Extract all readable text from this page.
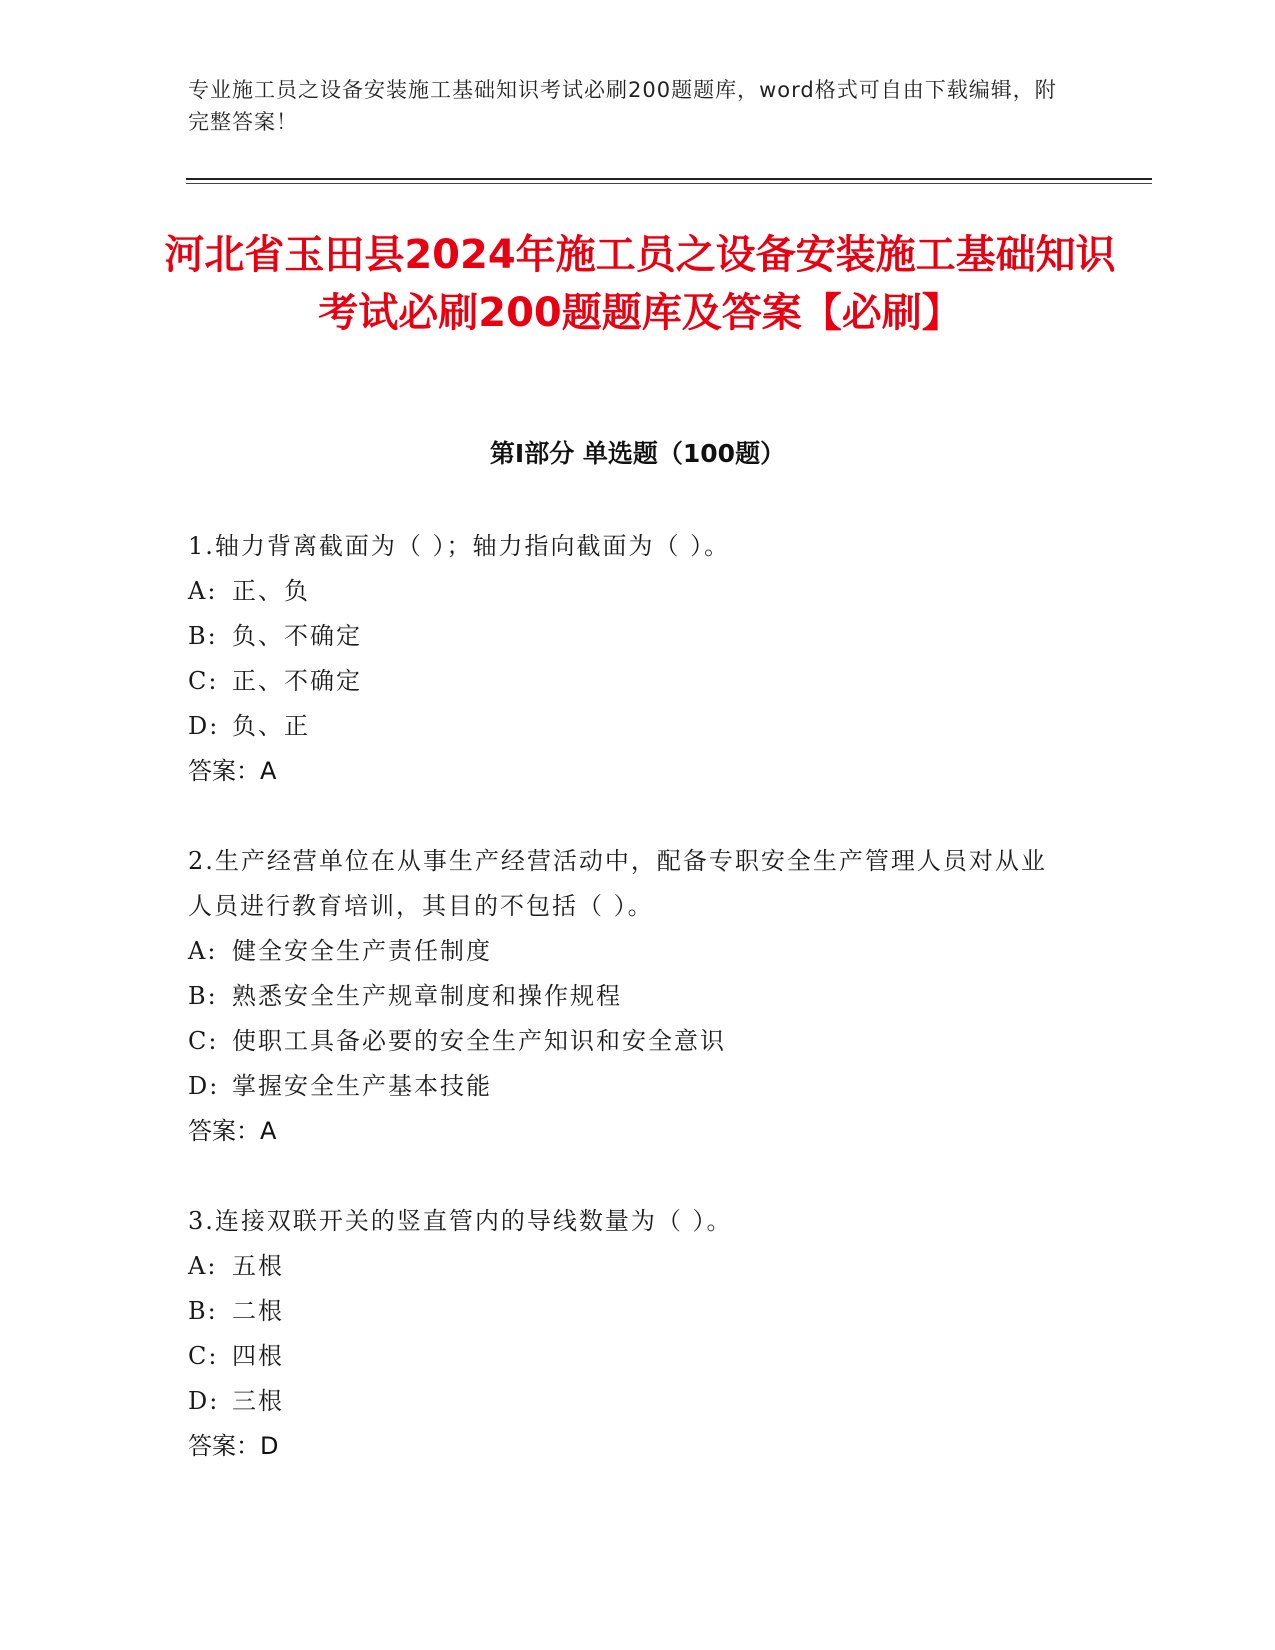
专业施工员之设备安装施工基础知识考试必刷200题题库，word格式可自由下载编辑，附完整答案！
河北省玉田县2024年施工员之设备安装施工基础知识考试必刷200题题库及答案【必刷】
第Ⅰ部分 单选题（100题）
1.轴力背离截面为（ ）；轴力指向截面为（ ）。
A: 正、负
B: 负、不确定
C: 正、不确定
D: 负、正
答案：A
2.生产经营单位在从事生产经营活动中，配备专职安全生产管理人员对从业人员进行教育培训，其目的不包括（ ）。
A: 健全安全生产责任制度
B: 熟悉安全生产规章制度和操作规程
C: 使职工具备必要的安全生产知识和安全意识
D: 掌握安全生产基本技能
答案：A
3.连接双联开关的竖直管内的导线数量为（ ）。
A: 五根
B: 二根
C: 四根
D: 三根
答案：D
